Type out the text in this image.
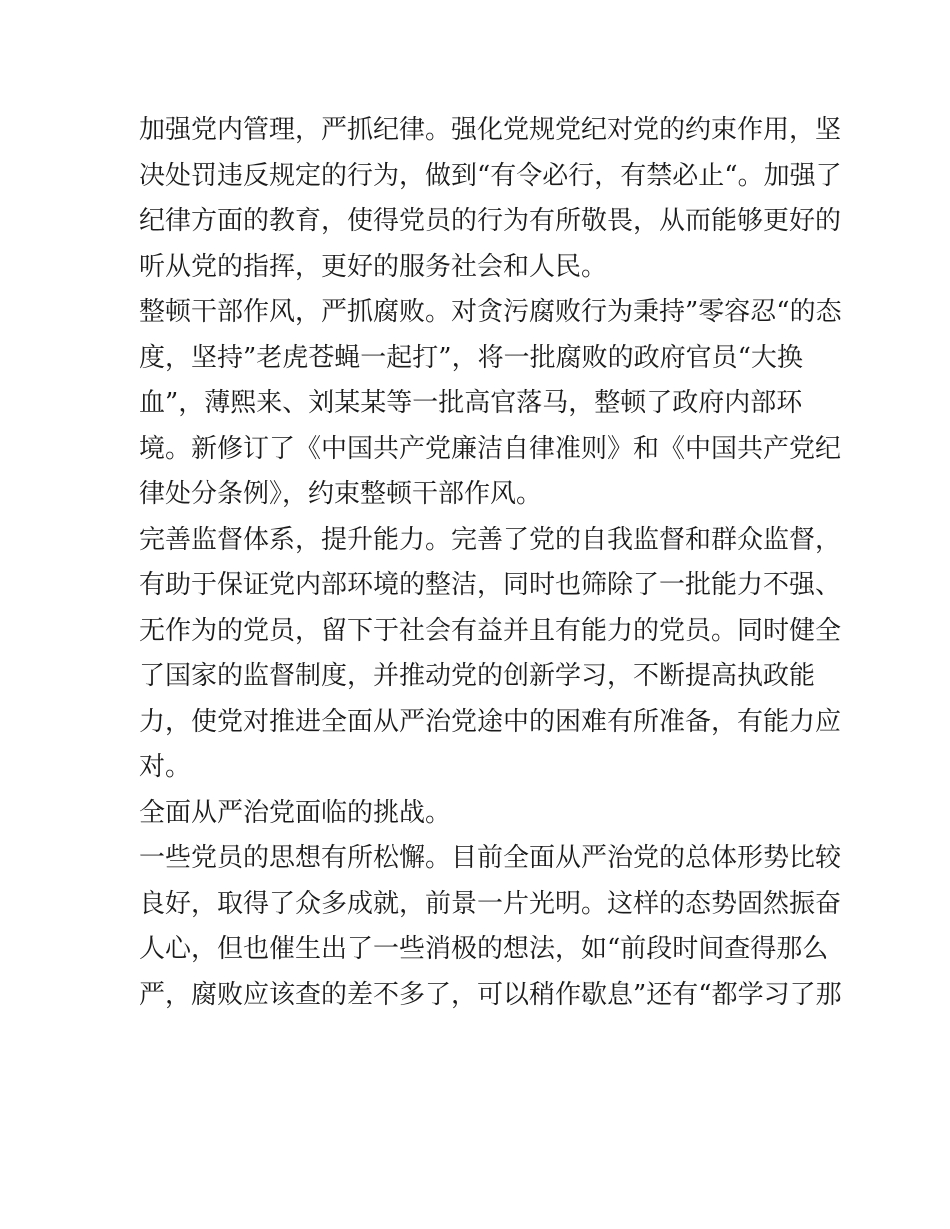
加强党内管理，严抓纪律。强化党规党纪对党的约束作用，坚
决处罚违反规定的行为，做到“有令必行，有禁必止“。加强了
纪律方面的教育，使得党员的行为有所敬畏，从而能够更好的
听从党的指挥，更好的服务社会和人民。
整顿干部作风，严抓腐败。对贪污腐败行为秉持”零容忍“的态
度，坚持”老虎苍蝇一起打”，将一批腐败的政府官员“大换
血”，薄熙来、刘某某等一批高官落马，整顿了政府内部环
境。新修订了《中国共产党廉洁自律准则》和《中国共产党纪
律处分条例》，约束整顿干部作风。
完善监督体系，提升能力。完善了党的自我监督和群众监督，
有助于保证党内部环境的整洁，同时也筛除了一批能力不强、
无作为的党员，留下于社会有益并且有能力的党员。同时健全
了国家的监督制度，并推动党的创新学习，不断提高执政能
力，使党对推进全面从严治党途中的困难有所准备，有能力应
对。
全面从严治党面临的挑战。
一些党员的思想有所松懈。目前全面从严治党的总体形势比较
良好，取得了众多成就，前景一片光明。这样的态势固然振奋
人心，但也催生出了一些消极的想法，如“前段时间查得那么
严，腐败应该查的差不多了，可以稍作歇息”还有“都学习了那
